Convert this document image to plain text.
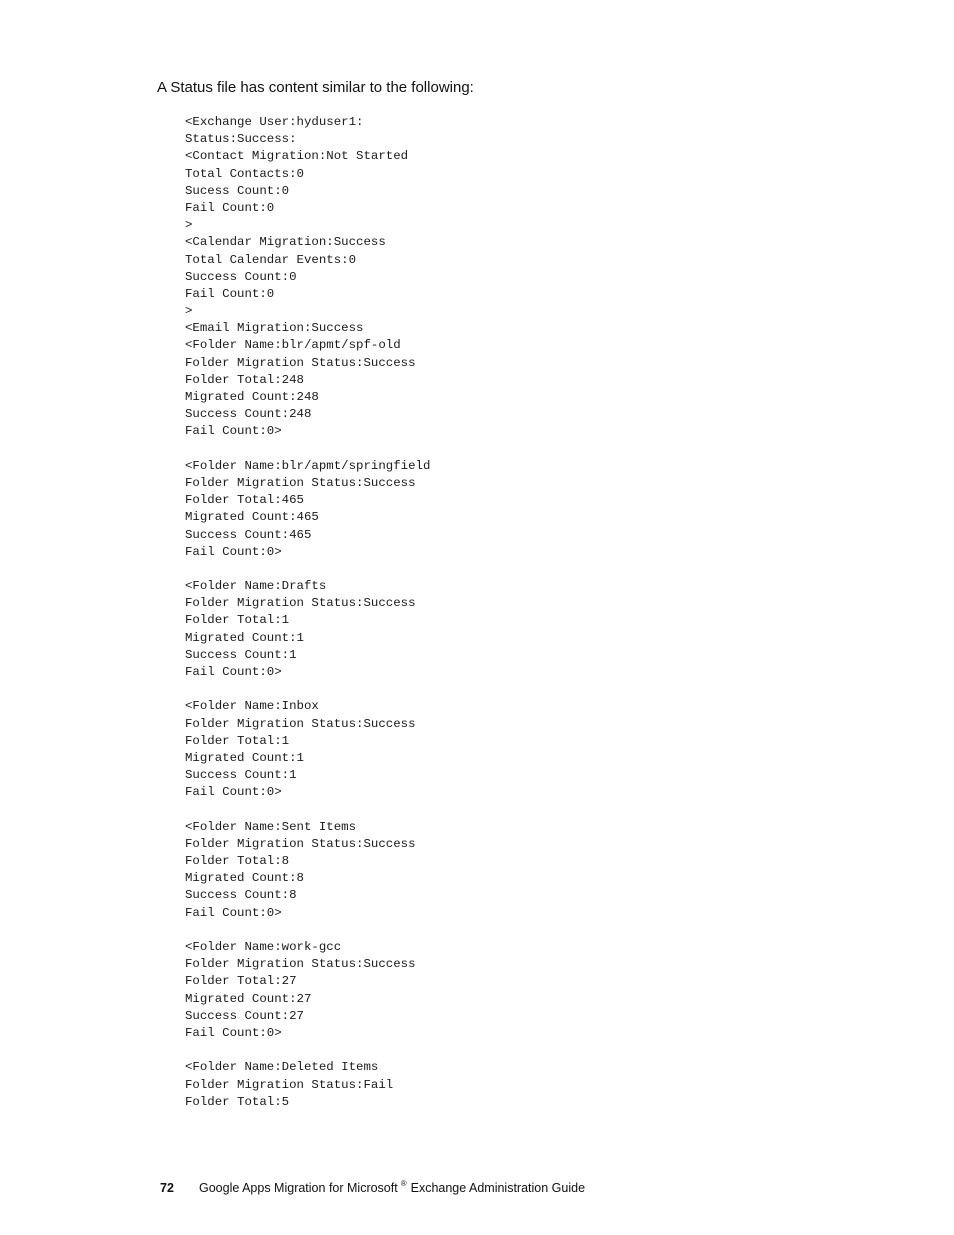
A Status file has content similar to the following:

<Exchange User:hyduser1:
Status:Success:
<Contact Migration:Not Started
Total Contacts:0
Sucess Count:0
Fail Count:0
>
<Calendar Migration:Success
Total Calendar Events:0
Success Count:0
Fail Count:0
>
<Email Migration:Success
<Folder Name:blr/apmt/spf-old
Folder Migration Status:Success
Folder Total:248
Migrated Count:248
Success Count:248
Fail Count:0>
<Folder Name:blr/apmt/springfield
Folder Migration Status:Success
Folder Total:465
Migrated Count:465
Success Count:465
Fail Count:0>
<Folder Name:Drafts
Folder Migration Status:Success
Folder Total:1
Migrated Count:1
Success Count:1
Fail Count:0>
<Folder Name:Inbox
Folder Migration Status:Success
Folder Total:1
Migrated Count:1
Success Count:1
Fail Count:0>
<Folder Name:Sent Items
Folder Migration Status:Success
Folder Total:8
Migrated Count:8
Success Count:8
Fail Count:0>
<Folder Name:work-gcc
Folder Migration Status:Success
Folder Total:27
Migrated Count:27
Success Count:27
Fail Count:0>
<Folder Name:Deleted Items
Folder Migration Status:Fail
Folder Total:5
72 Google Apps Migration for Microsoft ® Exchange Administration Guide
